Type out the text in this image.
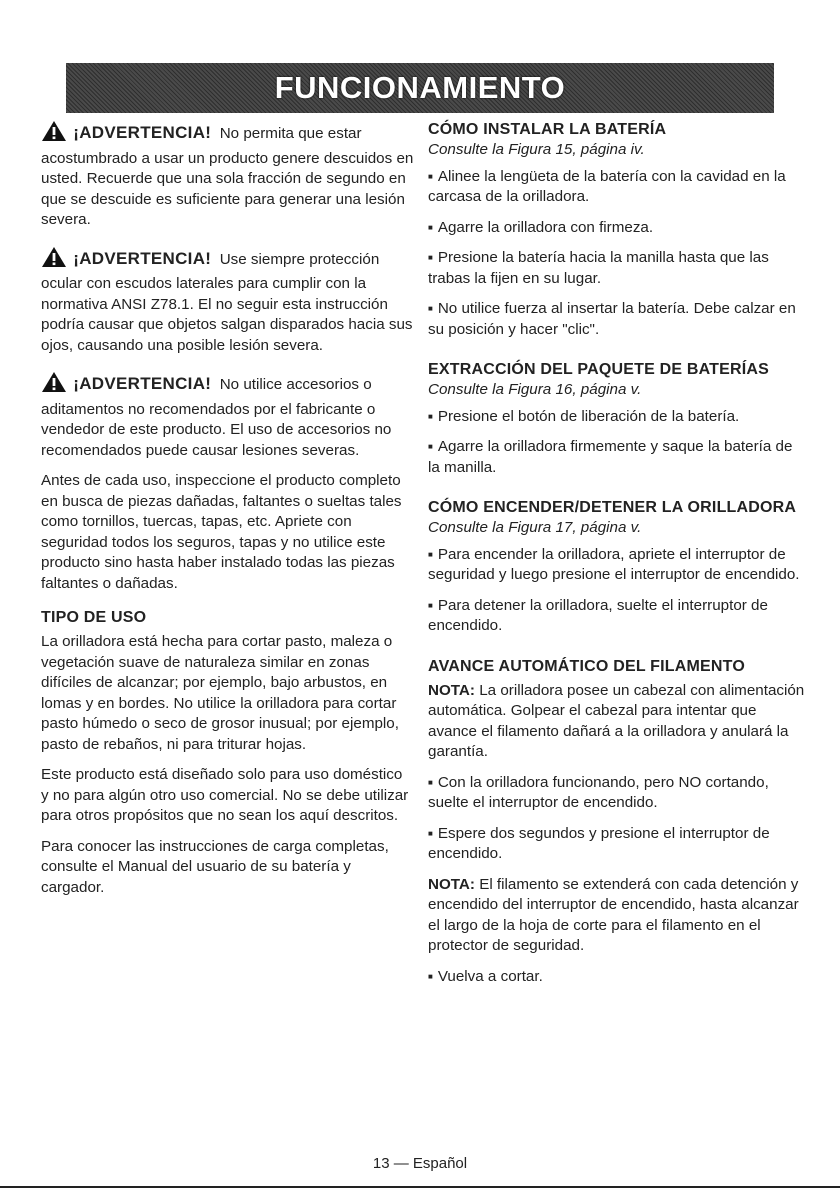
FUNCIONAMIENTO

¡ADVERTENCIA! No permita que estar acostumbrado a usar un producto genere descuidos en usted. Recuerde que una sola fracción de segundo en que se descuide es suficiente para generar una lesión severa.

¡ADVERTENCIA! Use siempre protección ocular con escudos laterales para cumplir con la normativa ANSI Z78.1. El no seguir esta instrucción podría causar que objetos salgan disparados hacia sus ojos, causando una posible lesión severa.

¡ADVERTENCIA! No utilice accesorios o aditamentos no recomendados por el fabricante o vendedor de este producto. El uso de accesorios no recomendados puede causar lesiones severas.

Antes de cada uso, inspeccione el producto completo en busca de piezas dañadas, faltantes o sueltas tales como tornillos, tuercas, tapas, etc. Apriete con seguridad todos los seguros, tapas y no utilice este producto sino hasta haber instalado todas las piezas faltantes o dañadas.

TIPO DE USO

La orilladora está hecha para cortar pasto, maleza o vegetación suave de naturaleza similar en zonas difíciles de alcanzar; por ejemplo, bajo arbustos, en lomas y en bordes. No utilice la orilladora para cortar pasto húmedo o seco de grosor inusual; por ejemplo, pasto de rebaños, ni para triturar hojas.

Este producto está diseñado solo para uso doméstico y no para algún otro uso comercial. No se debe utilizar para otros propósitos que no sean los aquí descritos.

Para conocer las instrucciones de carga completas, consulte el Manual del usuario de su batería y cargador.

CÓMO INSTALAR LA BATERÍA

Consulte la Figura 15, página iv.

■ Alinee la lengüeta de la batería con la cavidad en la carcasa de la orilladora.

■ Agarre la orilladora con firmeza.

■ Presione la batería hacia la manilla hasta que las trabas la fijen en su lugar.

■ No utilice fuerza al insertar la batería. Debe calzar en su posición y hacer "clic".

EXTRACCIÓN DEL PAQUETE DE BATERÍAS

Consulte la Figura 16, página v.

■ Presione el botón de liberación de la batería.

■ Agarre la orilladora firmemente y saque la batería de la manilla.

CÓMO ENCENDER/DETENER LA ORILLADORA

Consulte la Figura 17, página v.

■ Para encender la orilladora, apriete el interruptor de seguridad y luego presione el interruptor de encendido.

■ Para detener la orilladora, suelte el interruptor de encendido.

AVANCE AUTOMÁTICO DEL FILAMENTO

NOTA: La orilladora posee un cabezal con alimentación automática. Golpear el cabezal para intentar que avance el filamento dañará a la orilladora y anulará la garantía.

■ Con la orilladora funcionando, pero NO cortando, suelte el interruptor de encendido.

■ Espere dos segundos y presione el interruptor de encendido.

NOTA: El filamento se extenderá con cada detención y encendido del interruptor de encendido, hasta alcanzar el largo de la hoja de corte para el filamento en el protector de seguridad.

■ Vuelva a cortar.

13 — Español
